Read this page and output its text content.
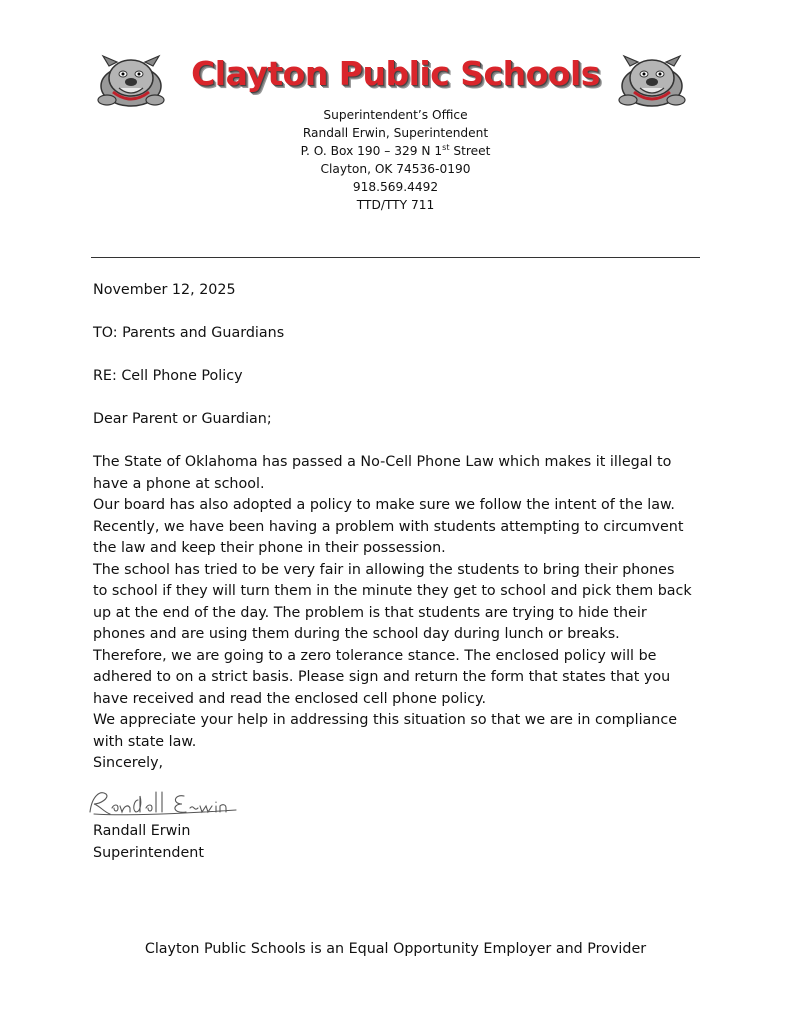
Clayton Public Schools
Superintendent’s Office
Randall Erwin, Superintendent
P. O. Box 190 – 329 N 1st Street
Clayton, OK 74536-0190
918.569.4492
TTD/TTY 711

November 12, 2025

TO: Parents and Guardians

RE: Cell Phone Policy

Dear Parent or Guardian;

The State of Oklahoma has passed a No-Cell Phone Law which makes it illegal to

have a phone at school.

Our board has also adopted a policy to make sure we follow the intent of the law.

Recently, we have been having a problem with students attempting to circumvent

the law and keep their phone in their possession.

The school has tried to be very fair in allowing the students to bring their phones

to school if they will turn them in the minute they get to school and pick them back

up at the end of the day. The problem is that students are trying to hide their

phones and are using them during the school day during lunch or breaks.

Therefore, we are going to a zero tolerance stance. The enclosed policy will be

adhered to on a strict basis. Please sign and return the form that states that you

have received and read the enclosed cell phone policy.

We appreciate your help in addressing this situation so that we are in compliance

with state law.

Sincerely,

Randall Erwin
Superintendent
Clayton Public Schools is an Equal Opportunity Employer and Provider
